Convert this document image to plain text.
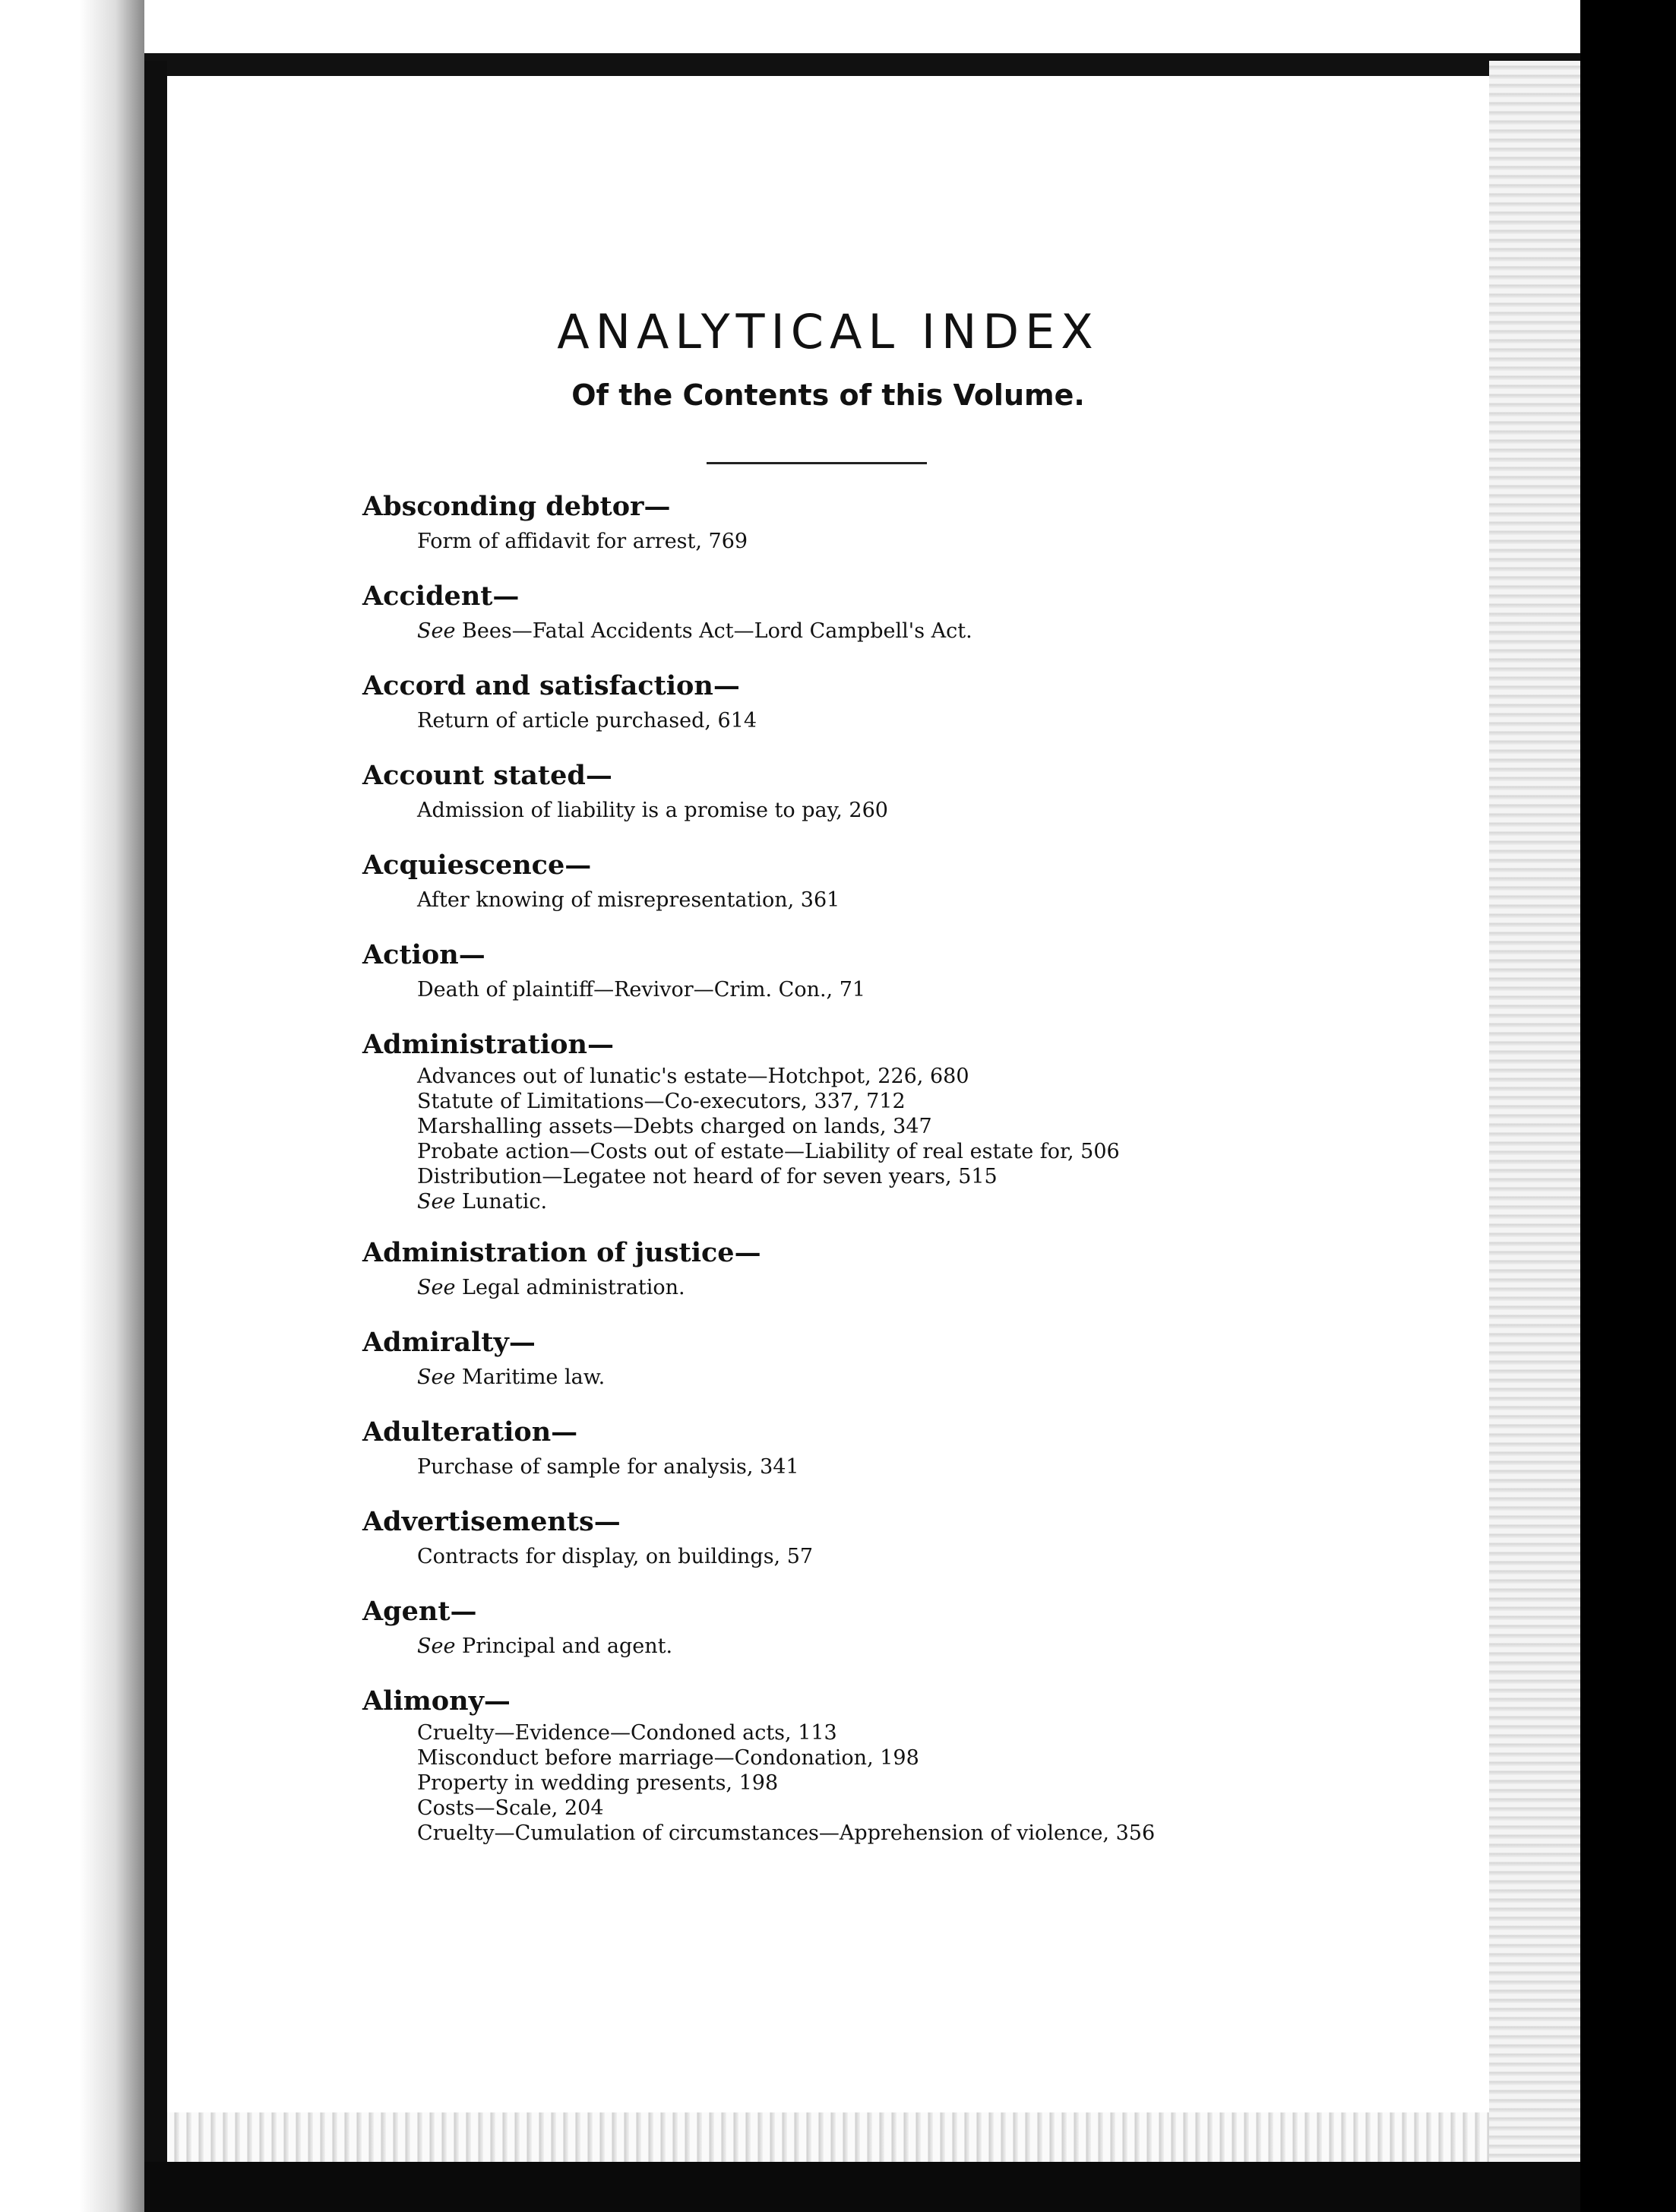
ANALYTICAL INDEX
Of the Contents of this Volume.

Absconding debtor—

Form of affidavit for arrest, 769

Accident—

See Bees—Fatal Accidents Act—Lord Campbell's Act.

Accord and satisfaction—

Return of article purchased, 614

Account stated—

Admission of liability is a promise to pay, 260

Acquiescence—

After knowing of misrepresentation, 361

Action—

Death of plaintiff—Revivor—Crim. Con., 71

Administration—

Advances out of lunatic's estate—Hotchpot, 226, 680
Statute of Limitations—Co-executors, 337, 712
Marshalling assets—Debts charged on lands, 347
Probate action—Costs out of estate—Liability of real estate for, 506
Distribution—Legatee not heard of for seven years, 515
See Lunatic.

Administration of justice—

See Legal administration.

Admiralty—

See Maritime law.

Adulteration—

Purchase of sample for analysis, 341

Advertisements—

Contracts for display, on buildings, 57

Agent—

See Principal and agent.

Alimony—

Cruelty—Evidence—Condoned acts, 113
Misconduct before marriage—Condonation, 198
Property in wedding presents, 198
Costs—Scale, 204
Cruelty—Cumulation of circumstances—Apprehension of violence, 356
